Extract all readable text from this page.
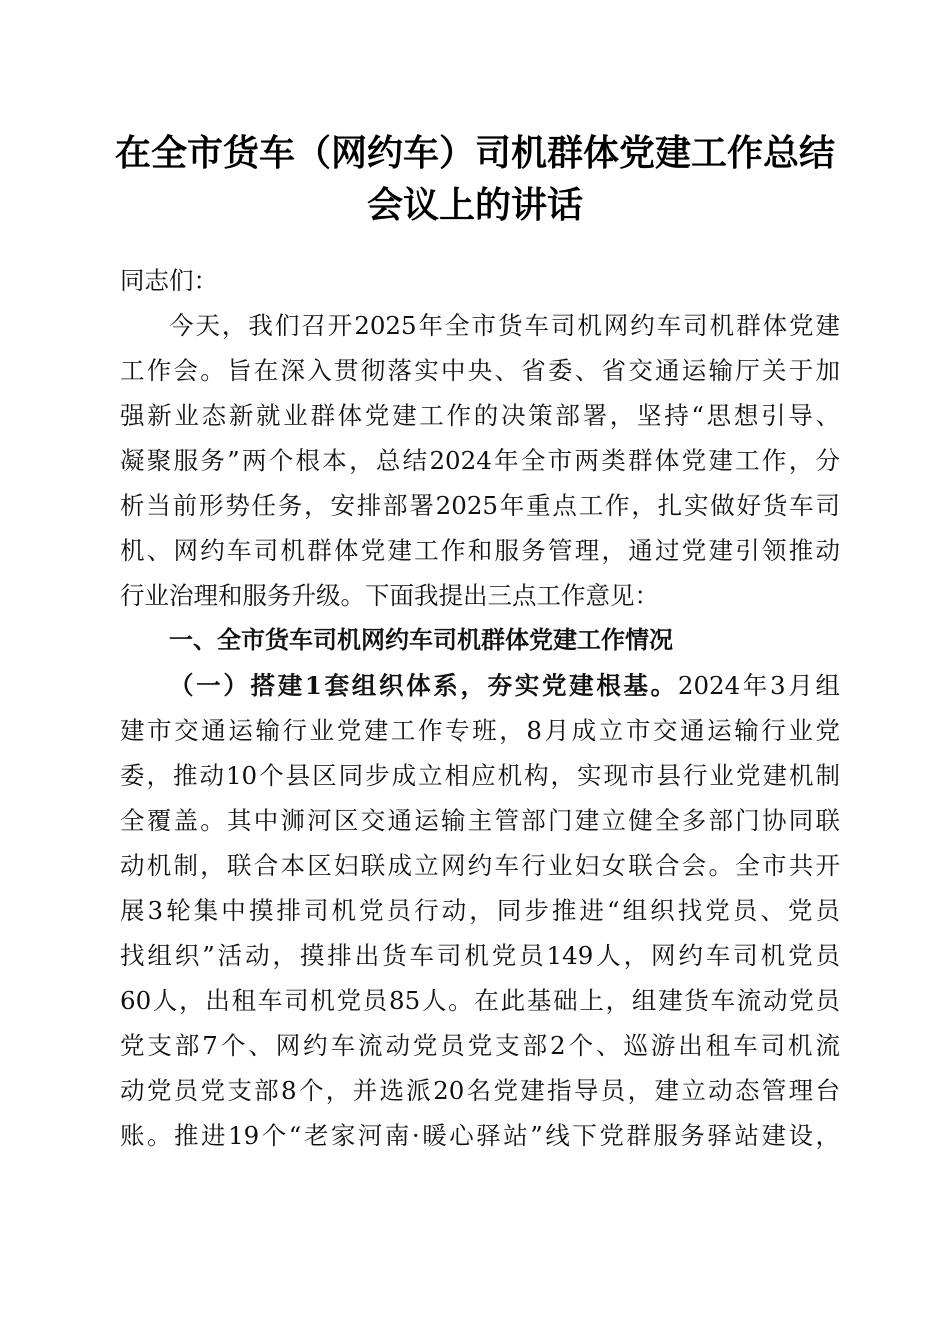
在全市货车（网约车）司机群体党建工作总结
会议上的讲话
同志们：
今天，我们召开2025年全市货车司机网约车司机群体党建
工作会。旨在深入贯彻落实中央、省委、省交通运输厅关于加
强新业态新就业群体党建工作的决策部署，坚持“思想引导、
凝聚服务”两个根本，总结2024年全市两类群体党建工作，分
析当前形势任务，安排部署2025年重点工作，扎实做好货车司
机、网约车司机群体党建工作和服务管理，通过党建引领推动
行业治理和服务升级。下面我提出三点工作意见：
一、全市货车司机网约车司机群体党建工作情况
（一）搭建1套组织体系，夯实党建根基。2024年3月组
建市交通运输行业党建工作专班，8月成立市交通运输行业党
委，推动10个县区同步成立相应机构，实现市县行业党建机制
全覆盖。其中浉河区交通运输主管部门建立健全多部门协同联
动机制，联合本区妇联成立网约车行业妇女联合会。全市共开
展3轮集中摸排司机党员行动，同步推进“组织找党员、党员
找组织”活动，摸排出货车司机党员149人，网约车司机党员
60人，出租车司机党员85人。在此基础上，组建货车流动党员
党支部7个、网约车流动党员党支部2个、巡游出租车司机流
动党员党支部8个，并选派20名党建指导员，建立动态管理台
账。推进19个“老家河南·暖心驿站”线下党群服务驿站建设，
